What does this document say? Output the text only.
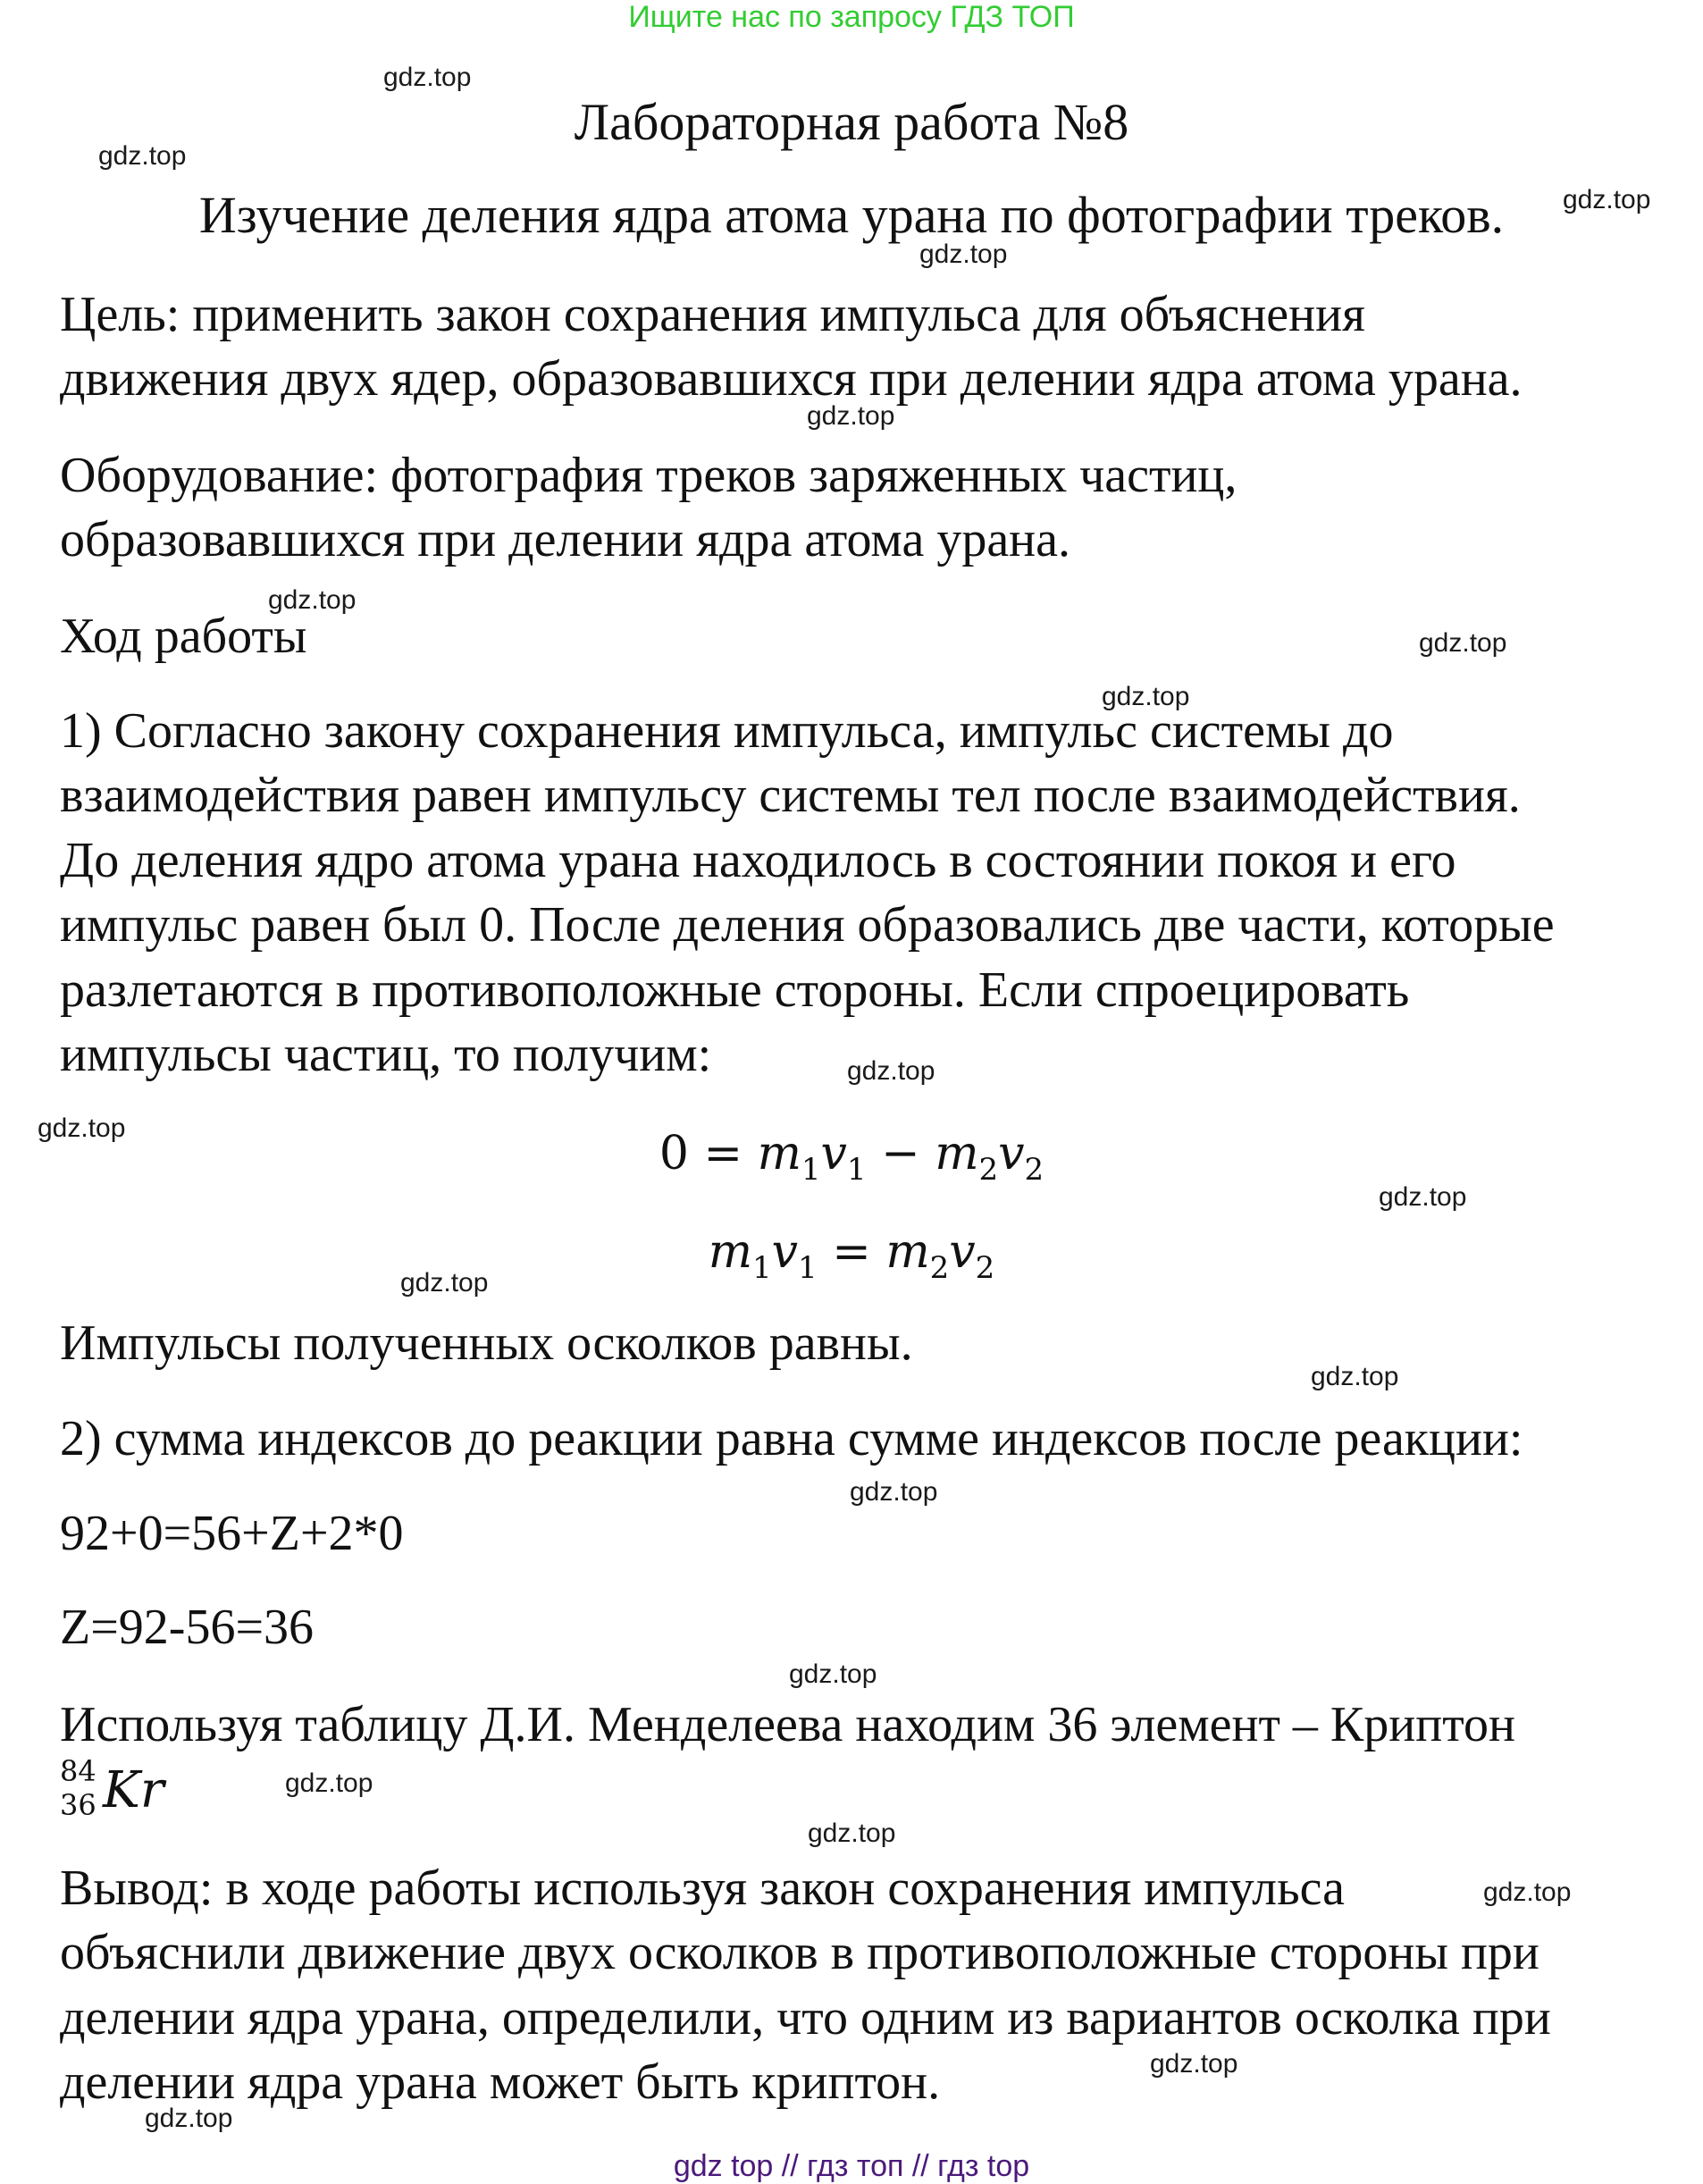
Ищите нас по запросу ГДЗ ТОП
Лабораторная работа №8
Изучение деления ядра атома урана по фотографии треков.
Цель: применить закон сохранения импульса для объяснения
движения двух ядер, образовавшихся при делении ядра атома урана.
Оборудование: фотография треков заряженных частиц,
образовавшихся при делении ядра атома урана.
Ход работы
1) Согласно закону сохранения импульса, импульс системы до
взаимодействия равен импульсу системы тел после взаимодействия.
До деления ядро атома урана находилось в состоянии покоя и его
импульс равен был 0. После деления образовались две части, которые
разлетаются в противоположные стороны. Если спроецировать
импульсы частиц, то получим:
$0 = m_1v_1 - m_2v_2$
$m_1v_1 = m_2v_2$
Импульсы полученных осколков равны.
2) сумма индексов до реакции равна сумме индексов после реакции:
92+0=56+Z+2*0
Z=92-56=36
Используя таблицу Д.И. Менделеева находим 36 элемент – Криптон
84
36 Kr
Вывод: в ходе работы используя закон сохранения импульса
объяснили движение двух осколков в противоположные стороны при
делении ядра урана, определили, что одним из вариантов осколка при
делении ядра урана может быть криптон.
gdz.top
gdz.top
gdz.top
gdz.top
gdz.top
gdz.top
gdz.top
gdz.top
gdz.top
gdz.top
gdz.top
gdz.top
gdz.top
gdz.top
gdz.top
gdz.top
gdz.top
gdz.top
gdz.top
gdz.top
gdz top // гдз топ // гдз top
